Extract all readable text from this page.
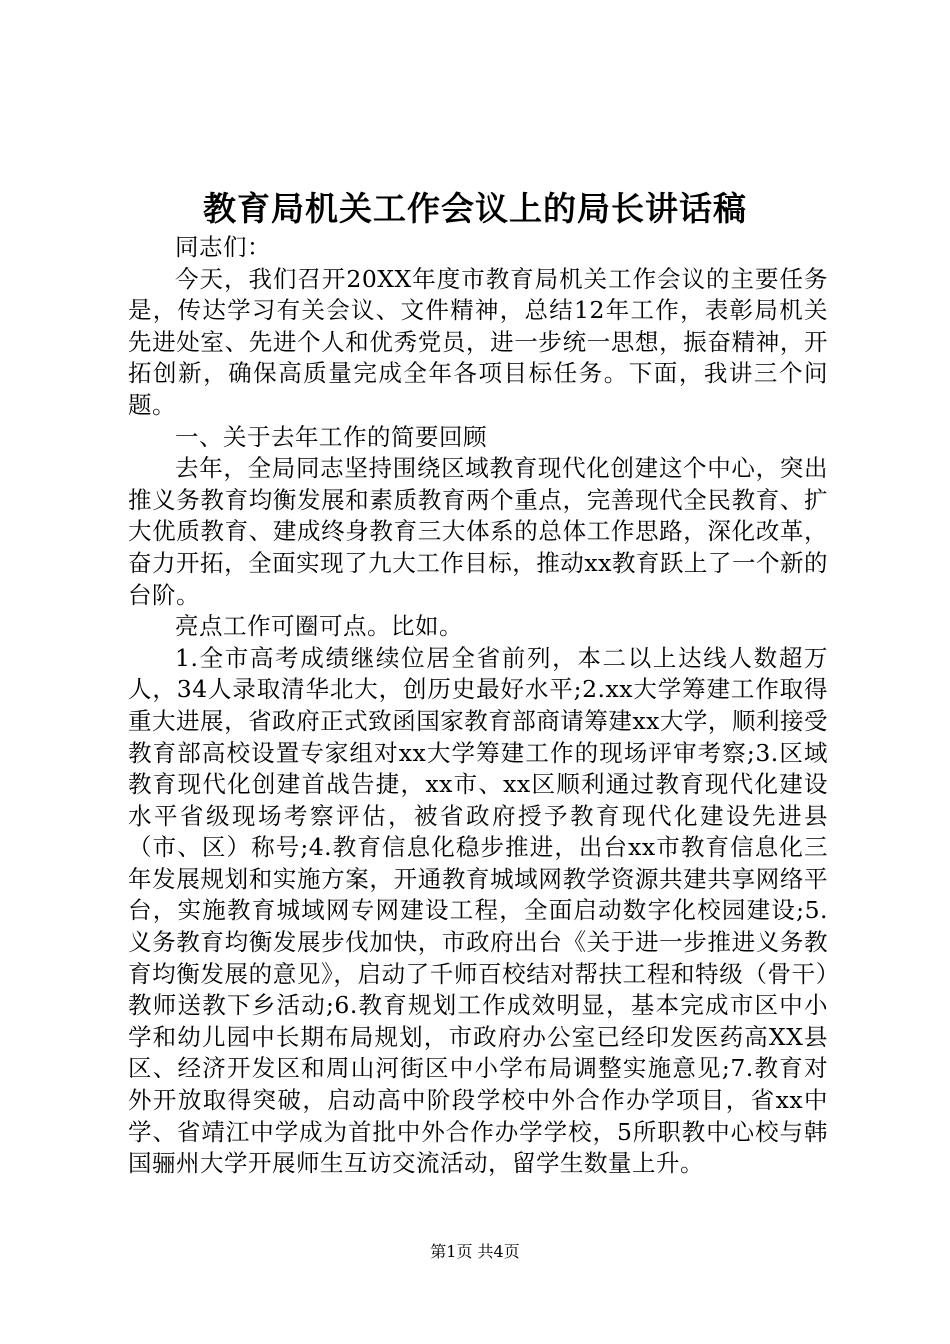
教育局机关工作会议上的局长讲话稿

同志们：

今天，我们召开20XX年度市教育局机关工作会议的主要任务是，传达学习有关会议、文件精神，总结12年工作，表彰局机关先进处室、先进个人和优秀党员，进一步统一思想，振奋精神，开拓创新，确保高质量完成全年各项目标任务。下面，我讲三个问题。

一、关于去年工作的简要回顾

去年，全局同志坚持围绕区域教育现代化创建这个中心，突出推义务教育均衡发展和素质教育两个重点，完善现代全民教育、扩大优质教育、建成终身教育三大体系的总体工作思路，深化改革，奋力开拓，全面实现了九大工作目标，推动xx教育跃上了一个新的台阶。

亮点工作可圈可点。比如。

1.全市高考成绩继续位居全省前列，本二以上达线人数超万人，34人录取清华北大，创历史最好水平;2.xx大学筹建工作取得重大进展，省政府正式致函国家教育部商请筹建xx大学，顺利接受教育部高校设置专家组对xx大学筹建工作的现场评审考察;3.区域教育现代化创建首战告捷，xx市、xx区顺利通过教育现代化建设水平省级现场考察评估，被省政府授予教育现代化建设先进县（市、区）称号;4.教育信息化稳步推进，出台xx市教育信息化三年发展规划和实施方案，开通教育城域网教学资源共建共享网络平台，实施教育城域网专网建设工程，全面启动数字化校园建设;5.义务教育均衡发展步伐加快，市政府出台《关于进一步推进义务教育均衡发展的意见》，启动了千师百校结对帮扶工程和特级（骨干）教师送教下乡活动;6.教育规划工作成效明显，基本完成市区中小学和幼儿园中长期布局规划，市政府办公室已经印发医药高XX县区、经济开发区和周山河街区中小学布局调整实施意见;7.教育对外开放取得突破，启动高中阶段学校中外合作办学项目，省xx中学、省靖江中学成为首批中外合作办学学校，5所职教中心校与韩国骊州大学开展师生互访交流活动，留学生数量上升。

第1页 共4页
